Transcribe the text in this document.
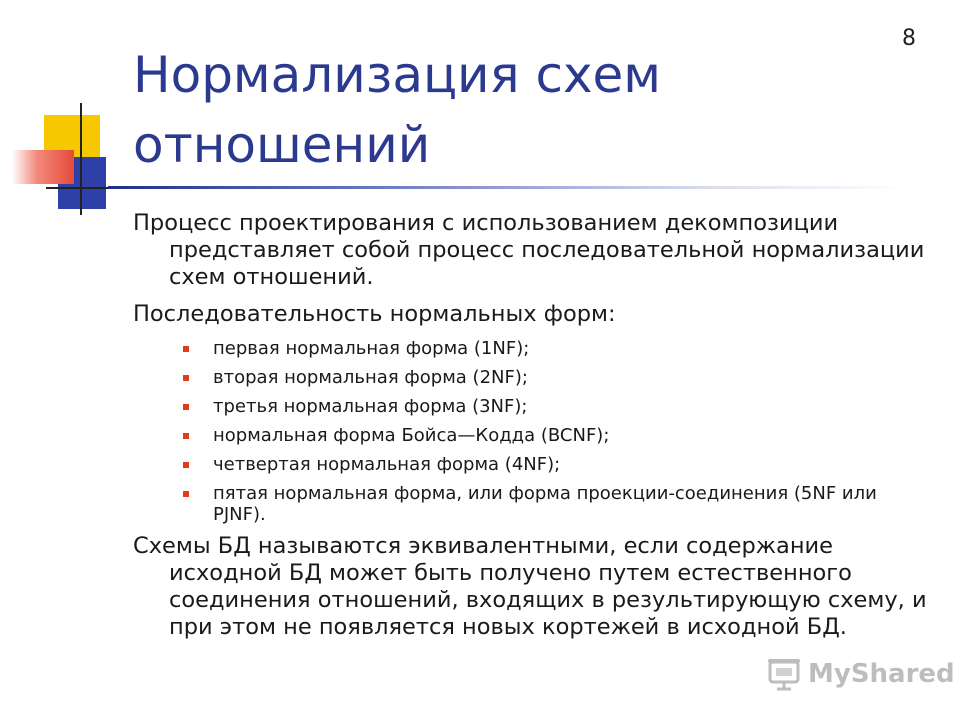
8
Нормализация схем
отношений

Процесс проектирования с использованием декомпозиции представляет собой процесс последовательной нормализации схем отношений.

Последовательность нормальных форм:

первая нормальная форма (1NF);
вторая нормальная форма (2NF);
третья нормальная форма (3NF);
нормальная форма Бойса—Кодда (BCNF);
четвертая нормальная форма (4NF);
пятая нормальная форма, или форма проекции-соединения (5NF или PJNF).

Схемы БД называются эквивалентными, если содержание исходной БД может быть получено путем естественного соединения отношений, входящих в результирующую схему, и при этом не появляется новых кортежей в исходной БД.

MyShared
